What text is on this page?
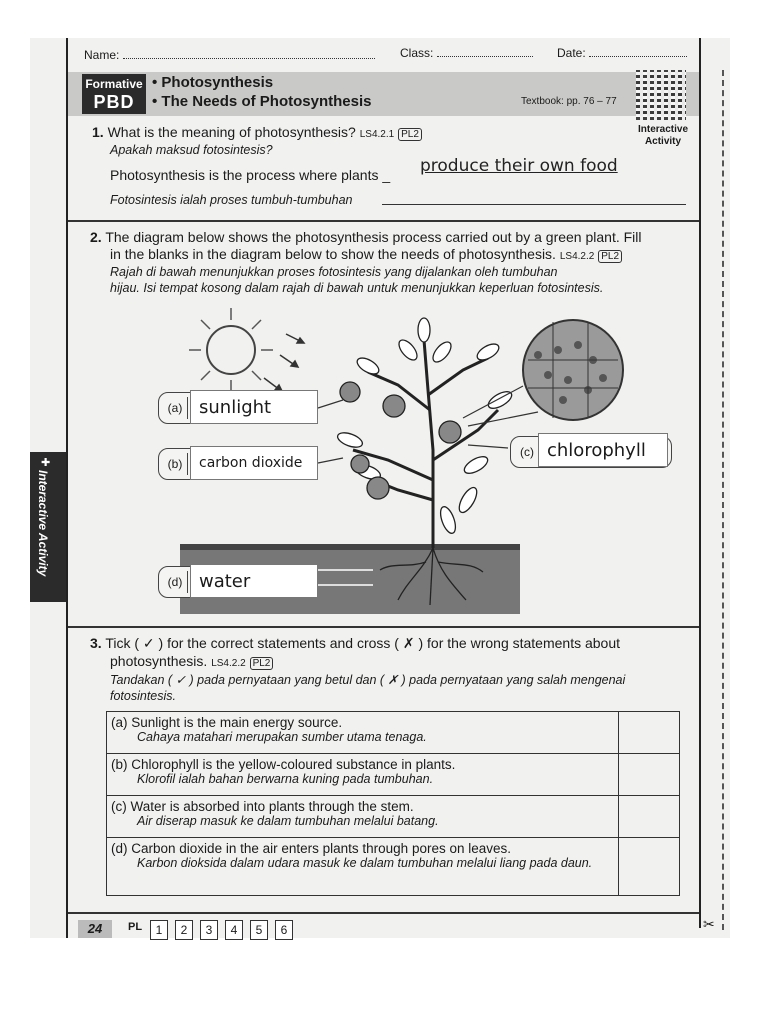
Name:	Class:	Date:
Formative
PBD
• Photosynthesis
• The Needs of Photosynthesis	Textbook: pp. 76 – 77
Interactive Activity
1. What is the meaning of photosynthesis? LS4.2.1 PL2
Apakah maksud fotosintesis?
Photosynthesis is the process where plants _ produce their own food
Fotosintesis ialah proses tumbuh-tumbuhan
2. The diagram below shows the photosynthesis process carried out by a green plant. Fill
in the blanks in the diagram below to show the needs of photosynthesis. LS4.2.2 PL2
Rajah di bawah menunjukkan proses fotosintesis yang dijalankan oleh tumbuhan
hijau. Isi tempat kosong dalam rajah di bawah untuk menunjukkan keperluan fotosintesis.
(a) sunlight
(b)	carbon dioxide
(c) chlorophyll
(d) water
✚
Interactive Activity
3. Tick ( ✓ ) for the correct statements and cross ( ✗ ) for the wrong statements about
photosynthesis. LS4.2.2 PL2
Tandakan ( ✓ ) pada pernyataan yang betul dan ( ✗ ) pada pernyataan yang salah mengenai
fotosintesis.
(a) Sunlight is the main energy source.
Cahaya matahari merupakan sumber utama tenaga.	

(b) Chlorophyll is the yellow-coloured substance in plants.
Klorofil ialah bahan berwarna kuning pada tumbuhan.	

(c) Water is absorbed into plants through the stem.
Air diserap masuk ke dalam tumbuhan melalui batang.	

(d) Carbon dioxide in the air enters plants through pores on leaves.
Karbon dioksida dalam udara masuk ke dalam tumbuhan melalui liang pada daun.	

24	PL	1	2	3	4	5	6	✂
